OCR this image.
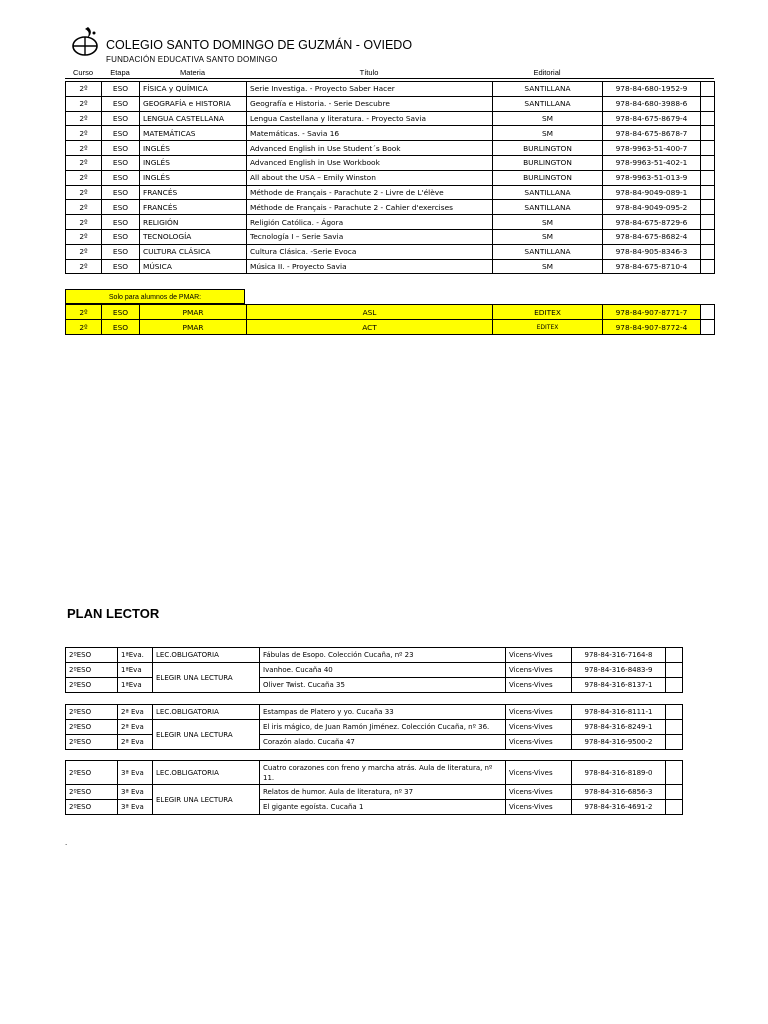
COLEGIO SANTO DOMINGO DE GUZMÁN - OVIEDO
FUNDACIÓN EDUCATIVA SANTO DOMINGO
Curso	Etapa	Materia	Título	Editorial		
2º	ESO	FÍSICA y QUÍMICA	Serie Investiga. - Proyecto Saber Hacer	SANTILLANA	978-84-680-1952-9	
2º	ESO	GEOGRAFÍA e HISTORIA	Geografía e Historia. - Serie Descubre	SANTILLANA	978-84-680-3988-6	
2º	ESO	LENGUA CASTELLANA	Lengua Castellana y literatura. - Proyecto Savia	SM	978-84-675-8679-4	
2º	ESO	MATEMÁTICAS	Matemáticas. - Savia 16	SM	978-84-675-8678-7	
2º	ESO	INGLÉS	Advanced English in Use Student´s Book	BURLINGTON	978-9963-51-400-7	
2º	ESO	INGLÉS	Advanced English in Use Workbook	BURLINGTON	978-9963-51-402-1	
2º	ESO	INGLÉS	All about the USA – Emily Winston	BURLINGTON	978-9963-51-013-9	
2º	ESO	FRANCÉS	Méthode de Français - Parachute 2 - Livre de L'élève	SANTILLANA	978-84-9049-089-1	
2º	ESO	FRANCÉS	Méthode de Français - Parachute 2 - Cahier d'exercises	SANTILLANA	978-84-9049-095-2	
2º	ESO	RELIGIÓN	Religión Católica. - Ágora	SM	978-84-675-8729-6	
2º	ESO	TECNOLOGÍA	Tecnología I – Serie Savia	SM	978-84-675-8682-4	
2º	ESO	CULTURA CLÁSICA	Cultura Clásica. -Serie Evoca	SANTILLANA	978-84-905-8346-3	
2º	ESO	MÚSICA	Música II. - Proyecto Savia	SM	978-84-675-8710-4	
Solo para alumnos de PMAR:
2º	ESO	PMAR	ASL	EDITEX	978-84-907-8771-7	
2º	ESO	PMAR	ACT	EDITEX	978-84-907-8772-4	
PLAN LECTOR
2ºESO	1ªEva.	LEC.OBLIGATORIA	Fábulas de Esopo. Colección Cucaña, nº 23	Vicens-Vives	978-84-316-7164-8	
2ºESO	1ªEva	ELEGIR UNA LECTURA	Ivanhoe. Cucaña 40	Vicens-Vives	978-84-316-8483-9	
2ºESO	1ªEva		Oliver Twist. Cucaña 35	Vicens-Vives	978-84-316-8137-1	
2ºESO	2ª Eva	LEC.OBLIGATORIA	Estampas de Platero y yo. Cucaña 33	Vicens-Vives	978-84-316-8111-1	
2ºESO	2ª Eva	ELEGIR UNA LECTURA	El iris mágico, de Juan Ramón Jiménez. Colección Cucaña, nº 36.	Vicens-Vives	978-84-316-8249-1	
2ºESO	2ª Eva		Corazón alado. Cucaña 47	Vicens-Vives	978-84-316-9500-2	
2ºESO	3ª Eva	LEC.OBLIGATORIA	Cuatro corazones con freno y marcha atrás. Aula de literatura, nº 11.	Vicens-Vives	978-84-316-8189-0	
2ºESO	3ª Eva	ELEGIR UNA LECTURA	Relatos de humor. Aula de literatura, nº 37	Vicens-Vives	978-84-316-6856-3	
2ºESO	3ª Eva		El gigante egoísta. Cucaña 1	Vicens-Vives	978-84-316-4691-2	
.
